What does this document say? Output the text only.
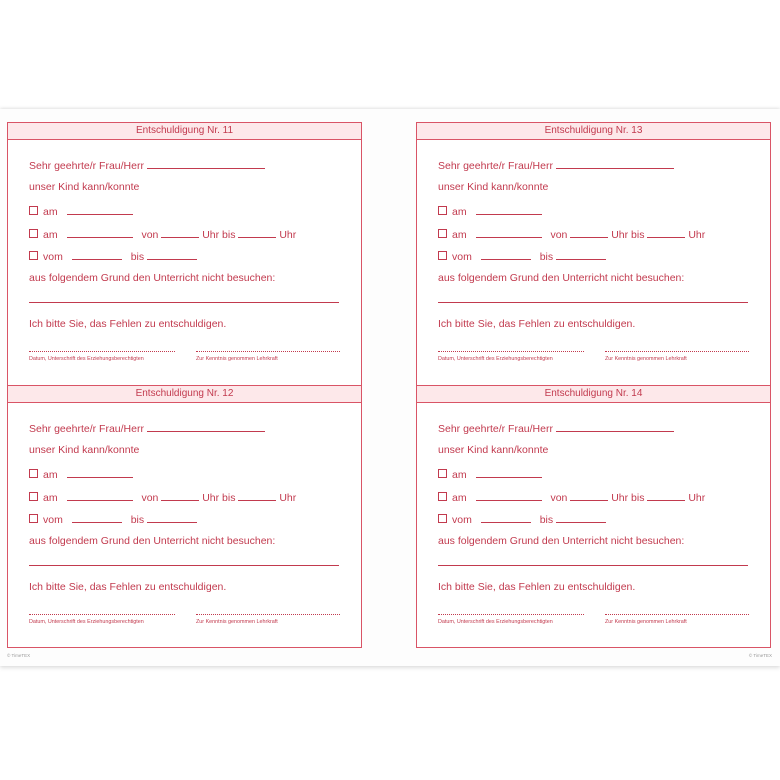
Entschuldigung Nr. 11
Sehr geehrte/r Frau/Herr
unser Kind kann/konnte
am
am	von	Uhr bis	Uhr
vom	bis
aus folgendem Grund den Unterricht nicht besuchen:
Ich bitte Sie, das Fehlen zu entschuldigen.
Datum, Unterschrift des Erziehungsberechtigten	Zur Kenntnis genommen Lehrkraft
Entschuldigung Nr. 12
Sehr geehrte/r Frau/Herr
unser Kind kann/konnte
am
am	von	Uhr bis	Uhr
vom	bis
aus folgendem Grund den Unterricht nicht besuchen:
Ich bitte Sie, das Fehlen zu entschuldigen.
Datum, Unterschrift des Erziehungsberechtigten	Zur Kenntnis genommen Lehrkraft
Entschuldigung Nr. 13
Sehr geehrte/r Frau/Herr
unser Kind kann/konnte
am
am	von	Uhr bis	Uhr
vom	bis
aus folgendem Grund den Unterricht nicht besuchen:
Ich bitte Sie, das Fehlen zu entschuldigen.
Datum, Unterschrift des Erziehungsberechtigten	Zur Kenntnis genommen Lehrkraft
Entschuldigung Nr. 14
Sehr geehrte/r Frau/Herr
unser Kind kann/konnte
am
am	von	Uhr bis	Uhr
vom	bis
aus folgendem Grund den Unterricht nicht besuchen:
Ich bitte Sie, das Fehlen zu entschuldigen.
Datum, Unterschrift des Erziehungsberechtigten	Zur Kenntnis genommen Lehrkraft
© TimeTEX	© TimeTEX
